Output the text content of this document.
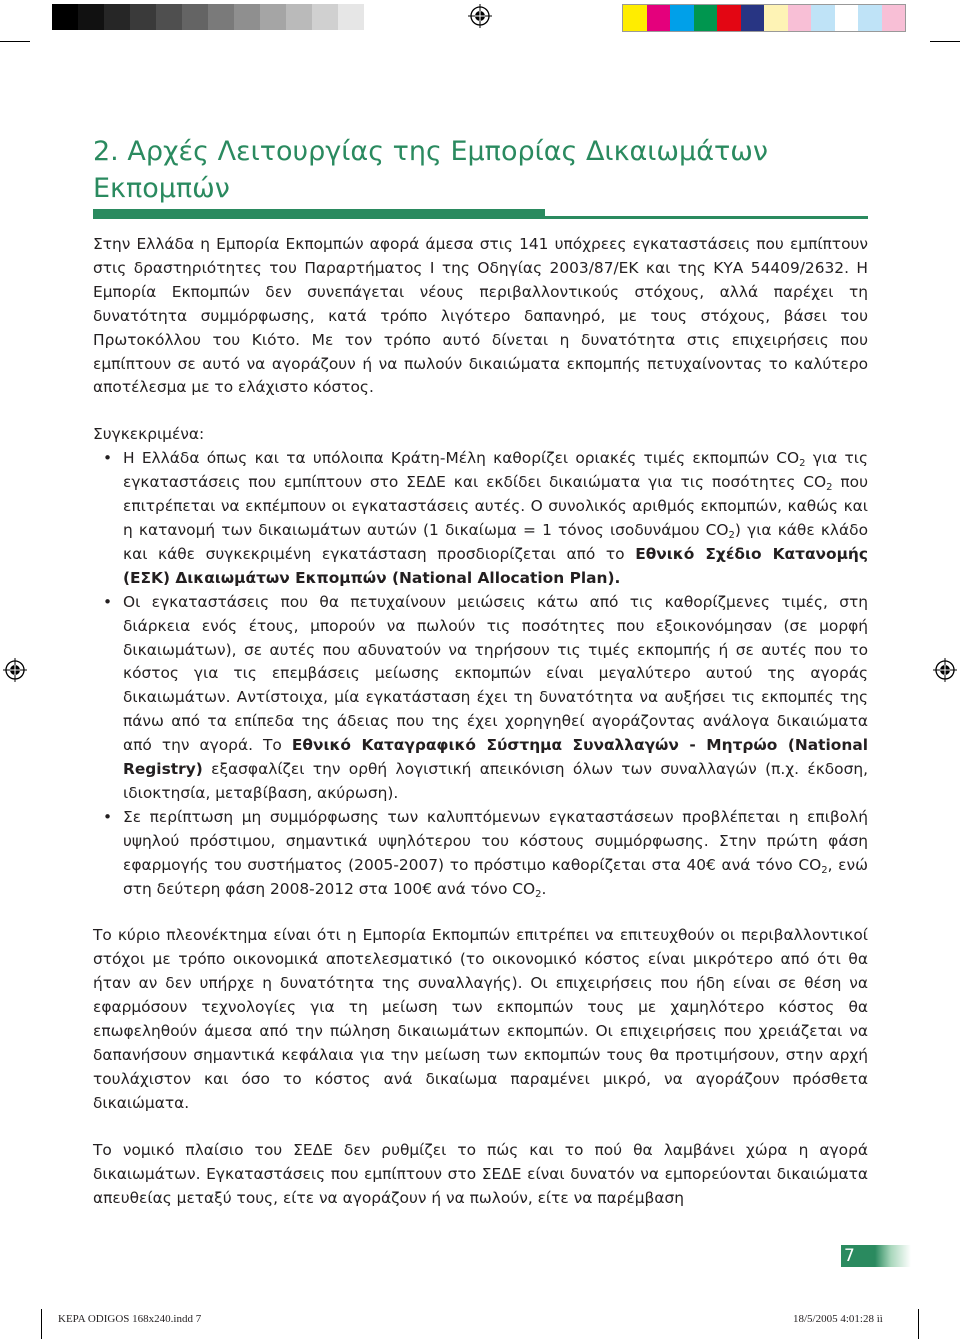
2. Αρχές Λειτουργίας της Εμπορίας Δικαιωμάτων Εκπομπών

Στην Ελλάδα η Εμπορία Εκπομπών αφορά άμεσα στις 141 υπόχρεες εγκαταστάσεις που εμπίπτουν στις δραστηριότητες του Παραρτήματος Ι της Οδηγίας 2003/87/ΕΚ και της ΚΥΑ 54409/2632. Η Εμπορία Εκπομπών δεν συνεπάγεται νέους περιβαλλοντικούς στόχους, αλλά παρέχει τη δυνατότητα συμμόρφωσης, κατά τρόπο λιγότερο δαπανηρό, με τους στόχους, βάσει του Πρωτοκόλλου του Κιότο. Με τον τρόπο αυτό δίνεται η δυνατότητα στις επιχειρήσεις που εμπίπτουν σε αυτό να αγοράζουν ή να πωλούν δικαιώματα εκπομπής πετυχαίνοντας το καλύτερο αποτέλεσμα με το ελάχιστο κόστος.

Συγκεκριμένα:

• Η Ελλάδα όπως και τα υπόλοιπα Κράτη-Μέλη καθορίζει οριακές τιμές εκπομπών $CO_2$ για τις εγκαταστάσεις που εμπίπτουν στο ΣΕΔΕ και εκδίδει δικαιώματα για τις ποσότητες $CO_2$ που επιτρέπεται να εκπέμπουν οι εγκαταστάσεις αυτές. Ο συνολικός αριθμός εκπομπών, καθώς και η κατανομή των δικαιωμάτων αυτών (1 δικαίωμα = 1 τόνος ισοδυνάμου $CO_2$) για κάθε κλάδο και κάθε συγκεκριμένη εγκατάσταση προσδιορίζεται από το Εθνικό Σχέδιο Κατανομής (ΕΣΚ) Δικαιωμάτων Εκπομπών (National Allocation Plan).
• Οι εγκαταστάσεις που θα πετυχαίνουν μειώσεις κάτω από τις καθορίζμενες τιμές, στη διάρκεια ενός έτους, μπορούν να πωλούν τις ποσότητες που εξοικονόμησαν (σε μορφή δικαιωμάτων), σε αυτές που αδυνατούν να τηρήσουν τις τιμές εκπομπής ή σε αυτές που το κόστος για τις επεμβάσεις μείωσης εκπομπών είναι μεγαλύτερο αυτού της αγοράς δικαιωμάτων. Αντίστοιχα, μία εγκατάσταση έχει τη δυνατότητα να αυξήσει τις εκπομπές της πάνω από τα επίπεδα της άδειας που της έχει χορηγηθεί αγοράζοντας ανάλογα δικαιώματα από την αγορά. Το Εθνικό Καταγραφικό Σύστημα Συναλλαγών - Μητρώο (National Registry) εξασφαλίζει την ορθή λογιστική απεικόνιση όλων των συναλλαγών (π.χ. έκδοση, ιδιοκτησία, μεταβίβαση, ακύρωση).
• Σε περίπτωση μη συμμόρφωσης των καλυπτόμενων εγκαταστάσεων προβλέπεται η επιβολή υψηλού πρόστιμου, σημαντικά υψηλότερου του κόστους συμμόρφωσης. Στην πρώτη φάση εφαρμογής του συστήματος (2005-2007) το πρόστιμο καθορίζεται στα 40€ ανά τόνο $CO_2$, ενώ στη δεύτερη φάση 2008-2012 στα 100€ ανά τόνο $CO_2$.

Το κύριο πλεονέκτημα είναι ότι η Εμπορία Εκπομπών επιτρέπει να επιτευχθούν οι περιβαλλοντικοί στόχοι με τρόπο οικονομικά αποτελεσματικό (το οικονομικό κόστος είναι μικρότερο από ότι θα ήταν αν δεν υπήρχε η δυνατότητα της συναλλαγής). Οι επιχειρήσεις που ήδη είναι σε θέση να εφαρμόσουν τεχνολογίες για τη μείωση των εκπομπών τους με χαμηλότερο κόστος θα επωφεληθούν άμεσα από την πώληση δικαιωμάτων εκπομπών. Οι επιχειρήσεις που χρειάζεται να δαπανήσουν σημαντικά κεφάλαια για την μείωση των εκπομπών τους θα προτιμήσουν, στην αρχή τουλάχιστον και όσο το κόστος ανά δικαίωμα παραμένει μικρό, να αγοράζουν πρόσθετα δικαιώματα.

Το νομικό πλαίσιο του ΣΕΔΕ δεν ρυθμίζει το πώς και το πού θα λαμβάνει χώρα η αγορά δικαιωμάτων. Εγκαταστάσεις που εμπίπτουν στο ΣΕΔΕ είναι δυνατόν να εμπορεύονται δικαιώματα απευθείας μεταξύ τους, είτε να αγοράζουν ή να πωλούν, είτε να παρέμβαση

7
KEPA ODIGOS 168x240.indd 7	18/5/2005 4:01:28 ìì
